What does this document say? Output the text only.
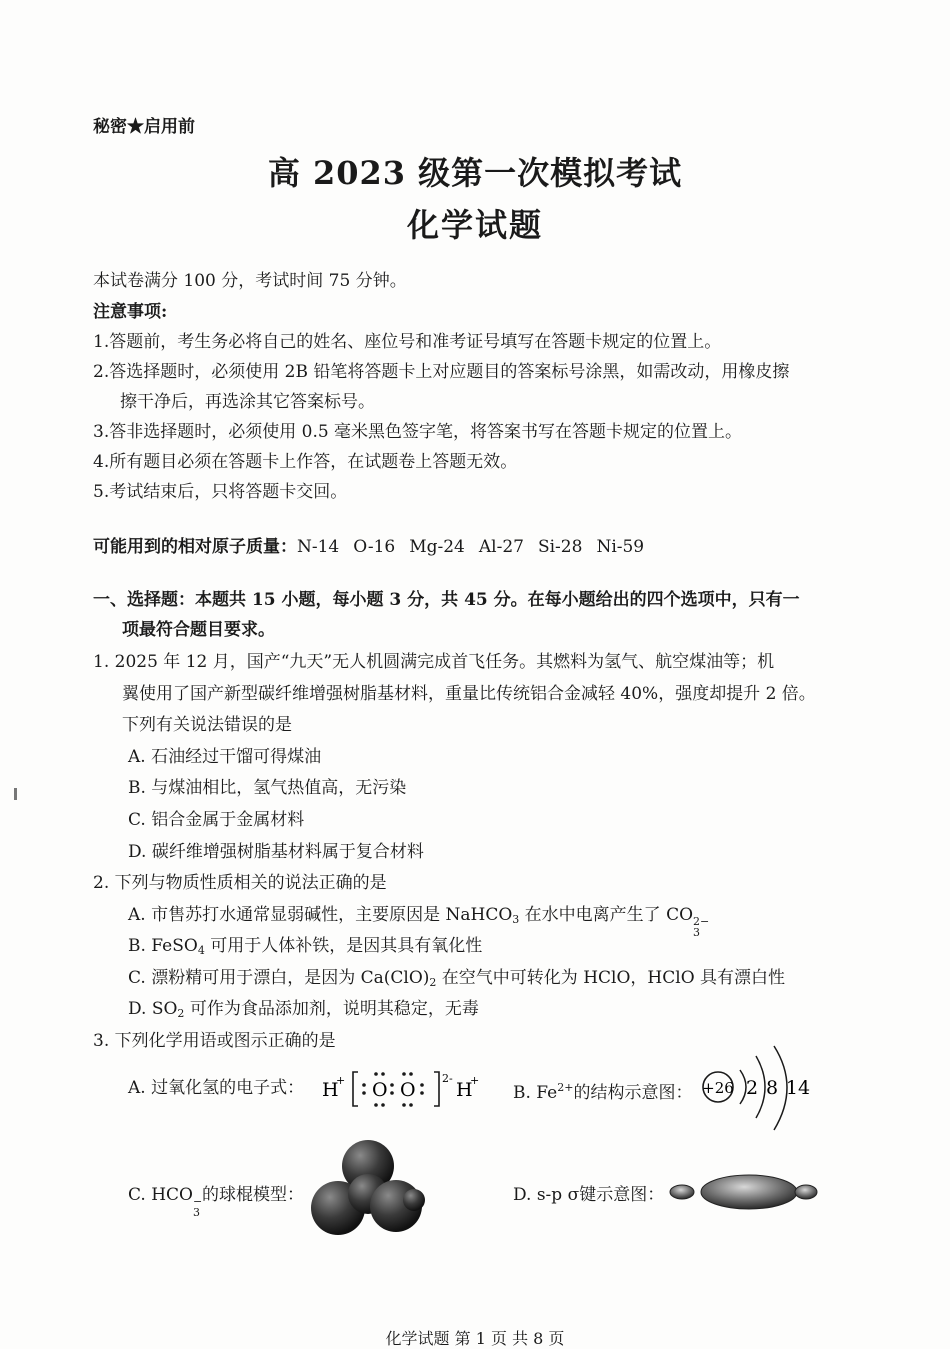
秘密★启用前
高 2023 级第一次模拟考试
化学试题
本试卷满分 100 分，考试时间 75 分钟。
注意事项:
1.答题前，考生务必将自己的姓名、座位号和准考证号填写在答题卡规定的位置上。
2.答选择题时，必须使用 2B 铅笔将答题卡上对应题目的答案标号涂黑，如需改动，用橡皮擦
擦干净后，再选涂其它答案标号。
3.答非选择题时，必须使用 0.5 毫米黑色签字笔，将答案书写在答题卡规定的位置上。
4.所有题目必须在答题卡上作答，在试题卷上答题无效。
5.考试结束后，只将答题卡交回。
可能用到的相对原子质量：N-14 O-16 Mg-24 Al-27 Si-28 Ni-59
一、选择题：本题共 15 小题，每小题 3 分，共 45 分。在每小题给出的四个选项中，只有一
项最符合题目要求。
1. 2025 年 12 月，国产“九天”无人机圆满完成首飞任务。其燃料为氢气、航空煤油等；机
翼使用了国产新型碳纤维增强树脂基材料，重量比传统铝合金减轻 40%，强度却提升 2 倍。
下列有关说法错误的是
A. 石油经过干馏可得煤油
B. 与煤油相比，氢气热值高，无污染
C. 铝合金属于金属材料
D. 碳纤维增强树脂基材料属于复合材料
2. 下列与物质性质相关的说法正确的是
A. 市售苏打水通常显弱碱性，主要原因是 NaHCO$_3$ 在水中电离产生了 CO 2−
3
B. FeSO$_4$ 可用于人体补铁，是因其具有氧化性
C. 漂粉精可用于漂白，是因为 $Ca(ClO)_2$ 在空气中可转化为 HClO，HClO 具有漂白性
D. $SO_2$ 可作为食品添加剂，说明其稳定，无毒
3. 下列化学用语或图示正确的是
A. 过氧化氢的电子式： H
+ O O
2-
H
+
B. $Fe^{2+}$的结构示意图： +26 2 8 14
C. HCO −
3
的球棍模型：	D. s-p σ键示意图：
化学试题 第 1 页 共 8 页
